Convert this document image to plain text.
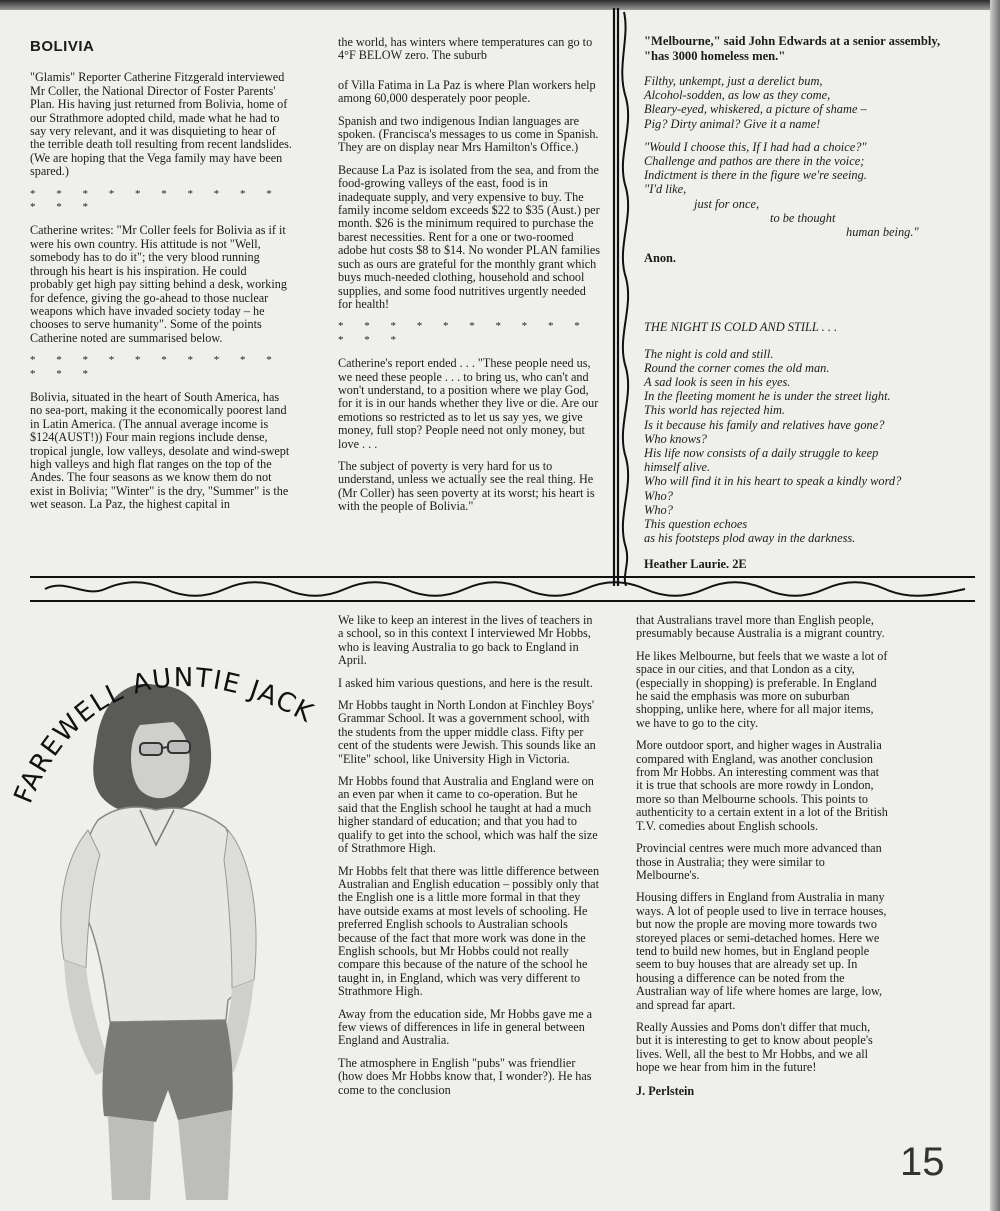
BOLIVIA

"Glamis" Reporter Catherine Fitzgerald interviewed Mr Coller, the National Director of Foster Parents' Plan. His having just returned from Bolivia, home of our Strathmore adopted child, made what he had to say very relevant, and it was disquieting to hear of the terrible death toll resulting from recent landslides. (We are hoping that the Vega family may have been spared.)

* * * * * * * * * * * * *

Catherine writes: "Mr Coller feels for Bolivia as if it were his own country. His attitude is not "Well, somebody has to do it"; the very blood running through his heart is his inspiration. He could probably get high pay sitting behind a desk, working for defence, giving the go-ahead to those nuclear weapons which have invaded society today – he chooses to serve humanity". Some of the points Catherine noted are summarised below.

* * * * * * * * * * * * *

Bolivia, situated in the heart of South America, has no sea-port, making it the economically poorest land in Latin America. (The annual average income is $124(AUST!)) Four main regions include dense, tropical jungle, low valleys, desolate and wind-swept high valleys and high flat ranges on the top of the Andes. The four seasons as we know them do not exist in Bolivia; "Winter" is the dry, "Summer" is the wet season. La Paz, the highest capital in

the world, has winters where temperatures can go to 4°F BELOW zero. The suburb

of Villa Fatima in La Paz is where Plan workers help among 60,000 desperately poor people.

Spanish and two indigenous Indian languages are spoken. (Francisca's messages to us come in Spanish. They are on display near Mrs Hamilton's Office.)

Because La Paz is isolated from the sea, and from the food-growing valleys of the east, food is in inadequate supply, and very expensive to buy. The family income seldom exceeds $22 to $35 (Aust.) per month. $26 is the minimum required to purchase the barest necessities. Rent for a one or two-roomed adobe hut costs $8 to $14. No wonder PLAN families such as ours are grateful for the monthly grant which buys much-needed clothing, household and school supplies, and some food nutritives urgently needed for health!

* * * * * * * * * * * * *

Catherine's report ended . . . "These people need us, we need these people . . . to bring us, who can't and won't understand, to a position where we play God, for it is in our hands whether they live or die. Are our emotions so restricted as to let us say yes, we give money, full stop? People need not only money, but love . . .

The subject of poverty is very hard for us to understand, unless we actually see the real thing. He (Mr Coller) has seen poverty at its worst; his heart is with the people of Bolivia."

"Melbourne," said John Edwards at a senior assembly, "has 3000 homeless men."
Filthy, unkempt, just a derelict bum,
Alcohol-sodden, as low as they come,
Bleary-eyed, whiskered, a picture of shame –
Pig? Dirty animal? Give it a name!
"Would I choose this, If I had had a choice?"
Challenge and pathos are there in the voice;
Indictment is there in the figure we're seeing.
"I'd like,
just for once,
to be thought
human being."
Anon.
THE NIGHT IS COLD AND STILL . . .
The night is cold and still.
Round the corner comes the old man.
A sad look is seen in his eyes.
In the fleeting moment he is under the street light.
This world has rejected him.
Is it because his family and relatives have gone?
Who knows?
His life now consists of a daily struggle to keep
himself alive.
Who will find it in his heart to speak a kindly word?
Who?
Who?
This question echoes
as his footsteps plod away in the darkness.
Heather Laurie. 2E
FAREWELL AUNTIE JACK

We like to keep an interest in the lives of teachers in a school, so in this context I interviewed Mr Hobbs, who is leaving Australia to go back to England in April.

I asked him various questions, and here is the result.

Mr Hobbs taught in North London at Finchley Boys' Grammar School. It was a government school, with the students from the upper middle class. Fifty per cent of the students were Jewish. This sounds like an "Elite" school, like University High in Victoria.

Mr Hobbs found that Australia and England were on an even par when it came to co-operation. But he said that the English school he taught at had a much higher standard of education; and that you had to qualify to get into the school, which was half the size of Strathmore High.

Mr Hobbs felt that there was little difference between Australian and English education – possibly only that the English one is a little more formal in that they have outside exams at most levels of schooling. He preferred English schools to Australian schools because of the fact that more work was done in the English schools, but Mr Hobbs could not really compare this because of the nature of the school he taught in, in England, which was very different to Strathmore High.

Away from the education side, Mr Hobbs gave me a few views of differences in life in general between England and Australia.

The atmosphere in English "pubs" was friendlier (how does Mr Hobbs know that, I wonder?). He has come to the conclusion

that Australians travel more than English people, presumably because Australia is a migrant country.

He likes Melbourne, but feels that we waste a lot of space in our cities, and that London as a city, (especially in shopping) is preferable. In England he said the emphasis was more on suburban shopping, unlike here, where for all major items, we have to go to the city.

More outdoor sport, and higher wages in Australia compared with England, was another conclusion from Mr Hobbs. An interesting comment was that it is true that schools are more rowdy in London, more so than Melbourne schools. This points to authenticity to a certain extent in a lot of the British T.V. comedies about English schools.

Provincial centres were much more advanced than those in Australia; they were similar to Melbourne's.

Housing differs in England from Australia in many ways. A lot of people used to live in terrace houses, but now the prople are moving more towards two storeyed places or semi-detached homes. Here we tend to build new homes, but in England people seem to buy houses that are already set up. In housing a difference can be noted from the Australian way of life where homes are large, low, and spread far apart.

Really Aussies and Poms don't differ that much, but it is interesting to get to know about people's lives. Well, all the best to Mr Hobbs, and we all hope we hear from him in the future!

J. Perlstein
15
